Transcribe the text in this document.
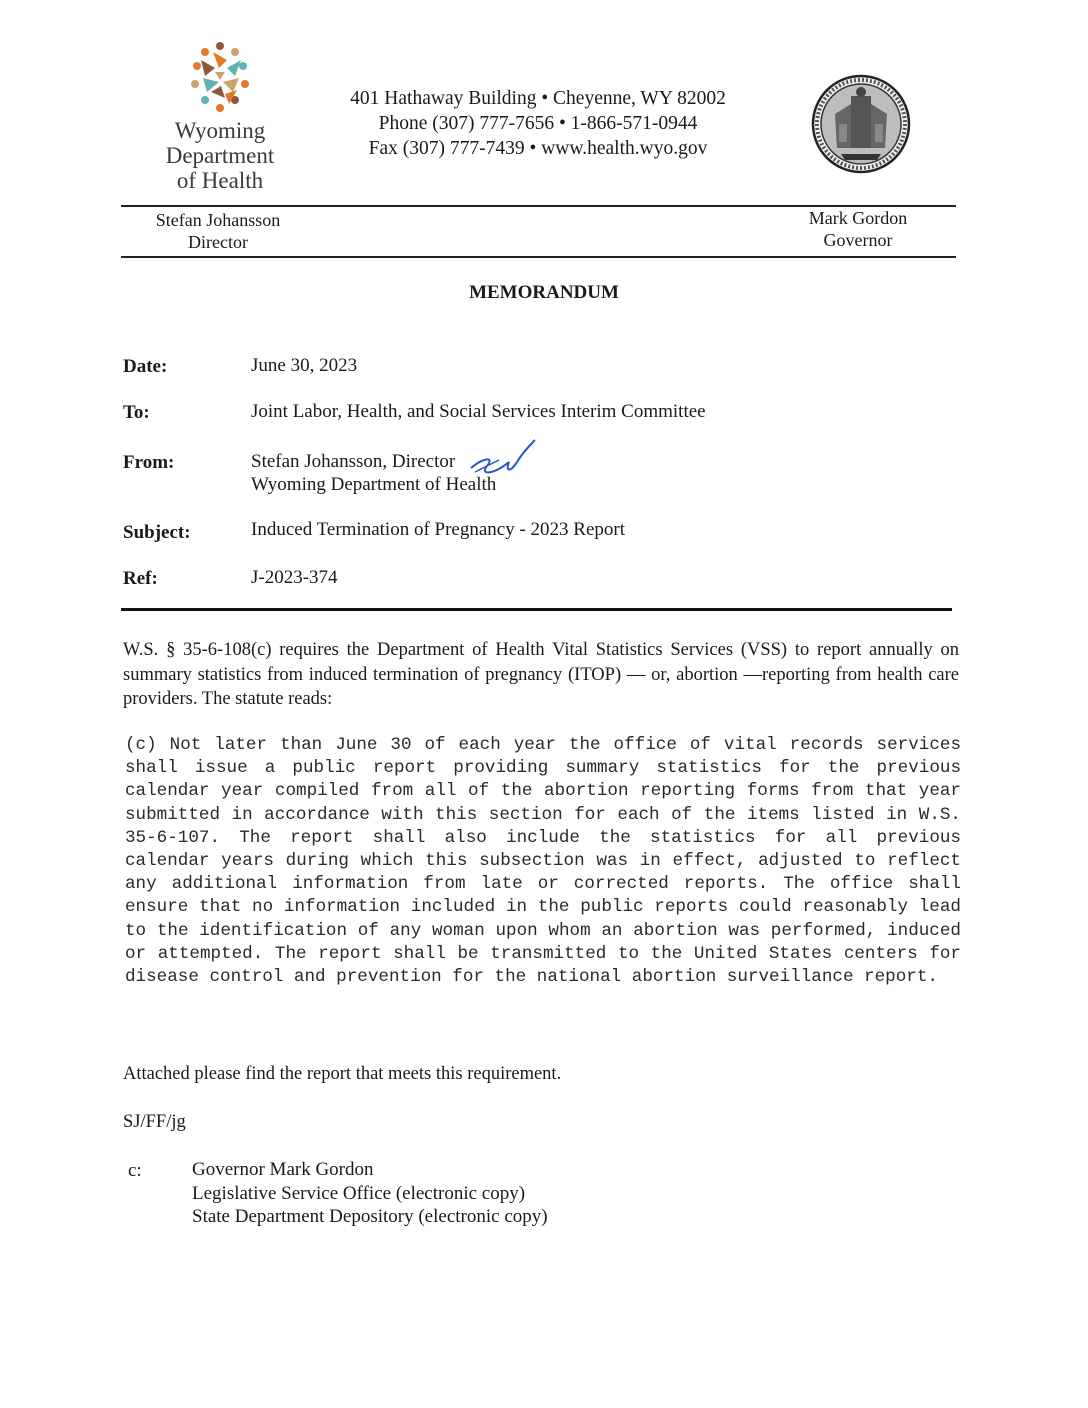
Wyoming
Department
of Health
401 Hathaway Building • Cheyenne, WY 82002
Phone (307) 777-7656 • 1-866-571-0944
Fax (307) 777-7439 • www.health.wyo.gov
Stefan Johansson
Director
Mark Gordon
Governor
MEMORANDUM
Date:	June 30, 2023
To:	Joint Labor, Health, and Social Services Interim Committee
From:	Stefan Johansson, Director
Wyoming Department of Health
Subject:	Induced Termination of Pregnancy - 2023 Report
Ref:	J-2023-374
W.S. § 35-6-108(c) requires the Department of Health Vital Statistics Services (VSS) to report annually on summary statistics from induced termination of pregnancy (ITOP) — or, abortion —reporting from health care providers. The statute reads:
(c) Not later than June 30 of each year the office of vital records services shall issue a public report providing summary statistics for the previous calendar year compiled from all of the abortion reporting forms from that year submitted in accordance with this section for each of the items listed in W.S. 35-6-107. The report shall also include the statistics for all previous calendar years during which this subsection was in effect, adjusted to reflect any additional information from late or corrected reports. The office shall ensure that no information included in the public reports could reasonably lead to the identification of any woman upon whom an abortion was performed, induced or attempted. The report shall be transmitted to the United States centers for disease control and prevention for the national abortion surveillance report.
Attached please find the report that meets this requirement.
SJ/FF/jg
c:	Governor Mark Gordon
Legislative Service Office (electronic copy)
State Department Depository (electronic copy)
